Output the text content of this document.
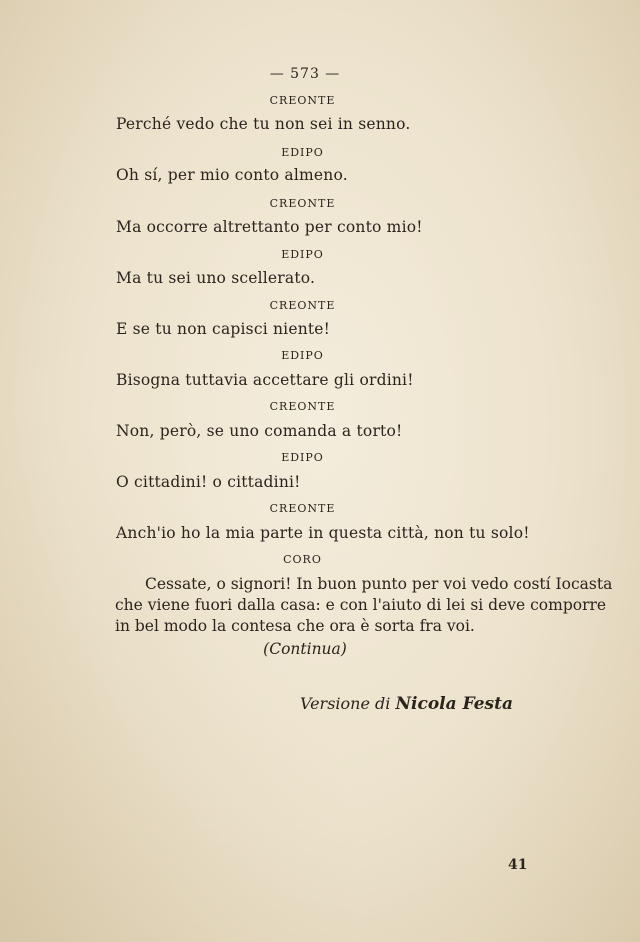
— 573 —
CREONTE
Perché vedo che tu non sei in senno.
EDIPO
Oh sí, per mio conto almeno.
CREONTE
Ma occorre altrettanto per conto mio!
EDIPO
Ma tu sei uno scellerato.
CREONTE
E se tu non capisci niente!
EDIPO
Bisogna tuttavia accettare gli ordini!
CREONTE
Non, però, se uno comanda a torto!
EDIPO
O cittadini! o cittadini!
CREONTE
Anch'io ho la mia parte in questa città, non tu solo!
CORO
Cessate, o signori! In buon punto per voi vedo costí Iocasta
che viene fuori dalla casa: e con l'aiuto di lei si deve comporre
in bel modo la contesa che ora è sorta fra voi.
(Continua)
Versione di Nicola Festa
41
